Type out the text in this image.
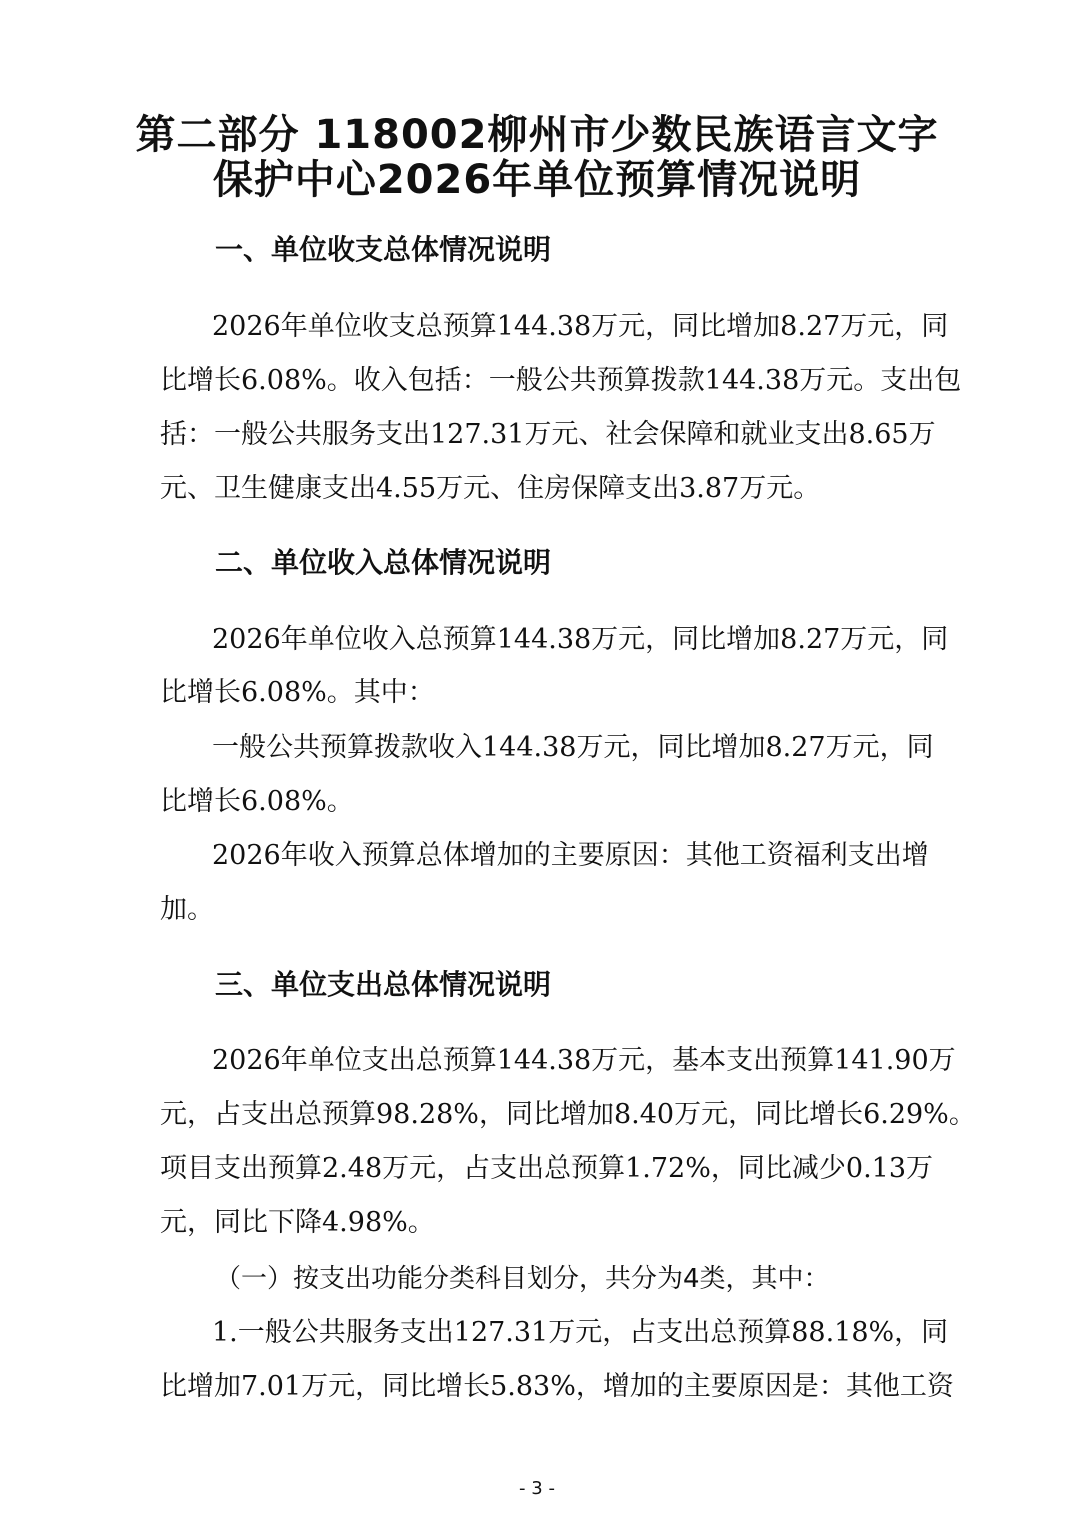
第二部分 118002柳州市少数民族语言文字
保护中心2026年单位预算情况说明
一、单位收支总体情况说明
2026年单位收支总预算144.38万元，同比增加8.27万元，同
比增长6.08%。收入包括：一般公共预算拨款144.38万元。支出包
括：一般公共服务支出127.31万元、社会保障和就业支出8.65万
元、卫生健康支出4.55万元、住房保障支出3.87万元。
二、单位收入总体情况说明
2026年单位收入总预算144.38万元，同比增加8.27万元，同
比增长6.08%。其中：
一般公共预算拨款收入144.38万元，同比增加8.27万元，同
比增长6.08%。
2026年收入预算总体增加的主要原因：其他工资福利支出增
加。
三、单位支出总体情况说明
2026年单位支出总预算144.38万元，基本支出预算141.90万
元，占支出总预算98.28%，同比增加8.40万元，同比增长6.29%。
项目支出预算2.48万元，占支出总预算1.72%，同比减少0.13万
元，同比下降4.98%。
（一）按支出功能分类科目划分，共分为4类，其中：
1.一般公共服务支出127.31万元，占支出总预算88.18%，同
比增加7.01万元，同比增长5.83%，增加的主要原因是：其他工资
- 3 -
